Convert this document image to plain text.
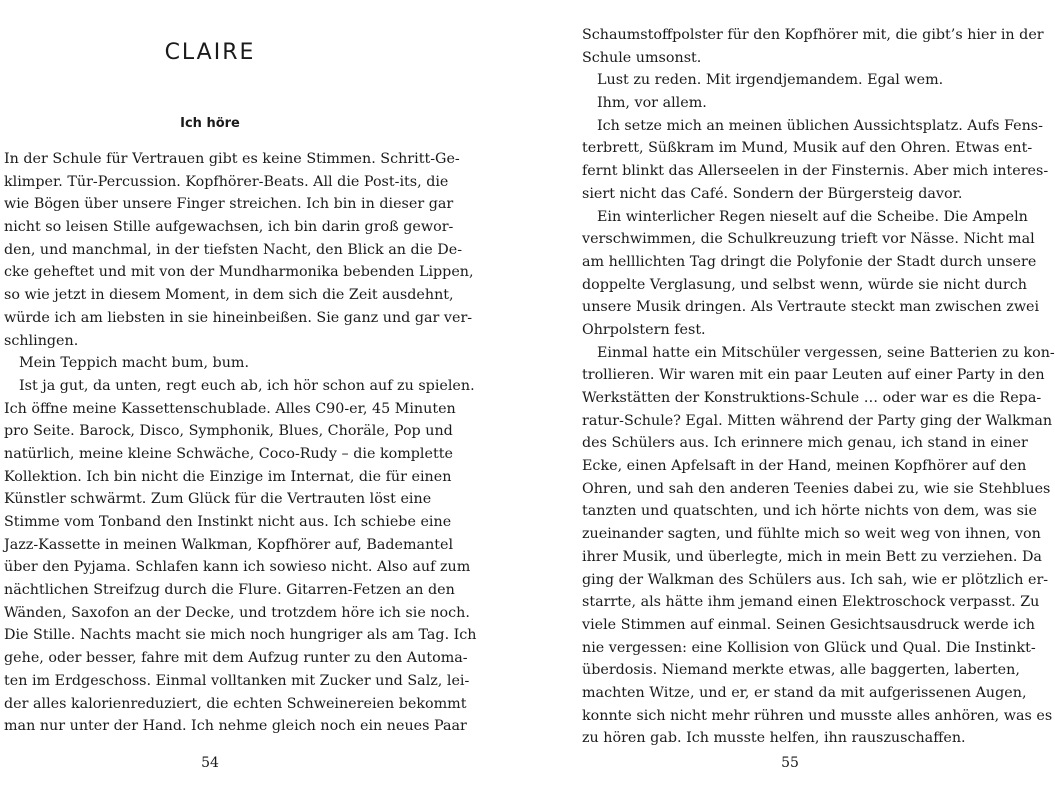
CLAIRE
Ich höre
In der Schule für Vertrauen gibt es keine Stimmen. Schritt-Ge-
klimper. Tür-Percussion. Kopfhörer-Beats. All die Post-its, die
wie Bögen über unsere Finger streichen. Ich bin in dieser gar
nicht so leisen Stille aufgewachsen, ich bin darin groß gewor-
den, und manchmal, in der tiefsten Nacht, den Blick an die De-
cke geheftet und mit von der Mundharmonika bebenden Lippen,
so wie jetzt in diesem Moment, in dem sich die Zeit ausdehnt,
würde ich am liebsten in sie hineinbeißen. Sie ganz und gar ver-
schlingen.
Mein Teppich macht bum, bum.
Ist ja gut, da unten, regt euch ab, ich hör schon auf zu spielen.
Ich öffne meine Kassettenschublade. Alles C90-er, 45 Minuten
pro Seite. Barock, Disco, Symphonik, Blues, Choräle, Pop und
natürlich, meine kleine Schwäche, Coco-Rudy – die komplette
Kollektion. Ich bin nicht die Einzige im Internat, die für einen
Künstler schwärmt. Zum Glück für die Vertrauten löst eine
Stimme vom Tonband den Instinkt nicht aus. Ich schiebe eine
Jazz-Kassette in meinen Walkman, Kopfhörer auf, Bademantel
über den Pyjama. Schlafen kann ich sowieso nicht. Also auf zum
nächtlichen Streifzug durch die Flure. Gitarren-Fetzen an den
Wänden, Saxofon an der Decke, und trotzdem höre ich sie noch.
Die Stille. Nachts macht sie mich noch hungriger als am Tag. Ich
gehe, oder besser, fahre mit dem Aufzug runter zu den Automa-
ten im Erdgeschoss. Einmal volltanken mit Zucker und Salz, lei-
der alles kalorienreduziert, die echten Schweinereien bekommt
man nur unter der Hand. Ich nehme gleich noch ein neues Paar
54
Schaumstoffpolster für den Kopfhörer mit, die gibt’s hier in der
Schule umsonst.
Lust zu reden. Mit irgendjemandem. Egal wem.
Ihm, vor allem.
Ich setze mich an meinen üblichen Aussichtsplatz. Aufs Fens-
terbrett, Süßkram im Mund, Musik auf den Ohren. Etwas ent-
fernt blinkt das Allerseelen in der Finsternis. Aber mich interes-
siert nicht das Café. Sondern der Bürgersteig davor.
Ein winterlicher Regen nieselt auf die Scheibe. Die Ampeln
verschwimmen, die Schulkreuzung trieft vor Nässe. Nicht mal
am helllichten Tag dringt die Polyfonie der Stadt durch unsere
doppelte Verglasung, und selbst wenn, würde sie nicht durch
unsere Musik dringen. Als Vertraute steckt man zwischen zwei
Ohrpolstern fest.
Einmal hatte ein Mitschüler vergessen, seine Batterien zu kon-
trollieren. Wir waren mit ein paar Leuten auf einer Party in den
Werkstätten der Konstruktions-Schule … oder war es die Repa-
ratur-Schule? Egal. Mitten während der Party ging der Walkman
des Schülers aus. Ich erinnere mich genau, ich stand in einer
Ecke, einen Apfelsaft in der Hand, meinen Kopfhörer auf den
Ohren, und sah den anderen Teenies dabei zu, wie sie Stehblues
tanzten und quatschten, und ich hörte nichts von dem, was sie
zueinander sagten, und fühlte mich so weit weg von ihnen, von
ihrer Musik, und überlegte, mich in mein Bett zu verziehen. Da
ging der Walkman des Schülers aus. Ich sah, wie er plötzlich er-
starrte, als hätte ihm jemand einen Elektroschock verpasst. Zu
viele Stimmen auf einmal. Seinen Gesichtsausdruck werde ich
nie vergessen: eine Kollision von Glück und Qual. Die Instinkt-
überdosis. Niemand merkte etwas, alle baggerten, laberten,
machten Witze, und er, er stand da mit aufgerissenen Augen,
konnte sich nicht mehr rühren und musste alles anhören, was es
zu hören gab. Ich musste helfen, ihn rauszuschaffen.
55
